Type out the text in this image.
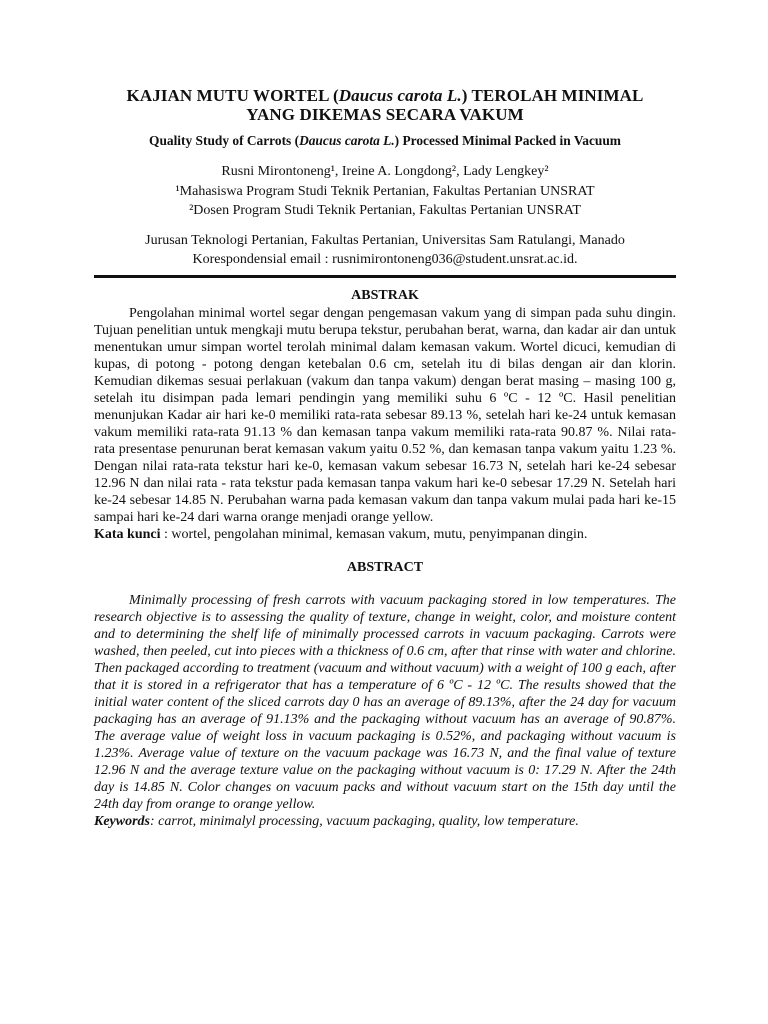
KAJIAN MUTU WORTEL (Daucus carota L.) TEROLAH MINIMAL
YANG DIKEMAS SECARA VAKUM

Quality Study of Carrots (Daucus carota L.) Processed Minimal Packed in Vacuum

Rusni Mirontoneng¹, Ireine A. Longdong², Lady Lengkey²
¹Mahasiswa Program Studi Teknik Pertanian, Fakultas Pertanian UNSRAT
²Dosen Program Studi Teknik Pertanian, Fakultas Pertanian UNSRAT
Jurusan Teknologi Pertanian, Fakultas Pertanian, Universitas Sam Ratulangi, Manado
Korespondensial email : rusnimirontoneng036@student.unsrat.ac.id.
ABSTRAK

Pengolahan minimal wortel segar dengan pengemasan vakum yang di simpan pada suhu dingin. Tujuan penelitian untuk mengkaji mutu berupa tekstur, perubahan berat, warna, dan kadar air dan untuk menentukan umur simpan wortel terolah minimal dalam kemasan vakum. Wortel dicuci, kemudian di kupas, di potong - potong dengan ketebalan 0.6 cm, setelah itu di bilas dengan air dan klorin. Kemudian dikemas sesuai perlakuan (vakum dan tanpa vakum) dengan berat masing – masing 100 g, setelah itu disimpan pada lemari pendingin yang memiliki suhu 6 ºC - 12 ºC. Hasil penelitian menunjukan Kadar air hari ke-0 memiliki rata-rata sebesar 89.13 %, setelah hari ke-24 untuk kemasan vakum memiliki rata-rata 91.13 % dan kemasan tanpa vakum memiliki rata-rata 90.87 %. Nilai rata-rata presentase penurunan berat kemasan vakum yaitu 0.52 %, dan kemasan tanpa vakum yaitu 1.23 %. Dengan nilai rata-rata tekstur hari ke-0, kemasan vakum sebesar 16.73 N, setelah hari ke-24 sebesar 12.96 N dan nilai rata - rata tekstur pada kemasan tanpa vakum hari ke-0 sebesar 17.29 N. Setelah hari ke-24 sebesar 14.85 N. Perubahan warna pada kemasan vakum dan tanpa vakum mulai pada hari ke-15 sampai hari ke-24 dari warna orange menjadi orange yellow.

Kata kunci : wortel, pengolahan minimal, kemasan vakum, mutu, penyimpanan dingin.
ABSTRACT

Minimally processing of fresh carrots with vacuum packaging stored in low temperatures. The research objective is to assessing the quality of texture, change in weight, color, and moisture content and to determining the shelf life of minimally processed carrots in vacuum packaging. Carrots were washed, then peeled, cut into pieces with a thickness of 0.6 cm, after that rinse with water and chlorine. Then packaged according to treatment (vacuum and without vacuum) with a weight of 100 g each, after that it is stored in a refrigerator that has a temperature of 6 ºC - 12 ºC. The results showed that the initial water content of the sliced carrots day 0 has an average of 89.13%, after the 24 day for vacuum packaging has an average of 91.13% and the packaging without vacuum has an average of 90.87%. The average value of weight loss in vacuum packaging is 0.52%, and packaging without vacuum is 1.23%. Average value of texture on the vacuum package was 16.73 N, and the final value of texture 12.96 N and the average texture value on the packaging without vacuum is 0: 17.29 N. After the 24th day is 14.85 N. Color changes on vacuum packs and without vacuum start on the 15th day until the 24th day from orange to orange yellow.

Keywords: carrot, minimalyl processing, vacuum packaging, quality, low temperature.
